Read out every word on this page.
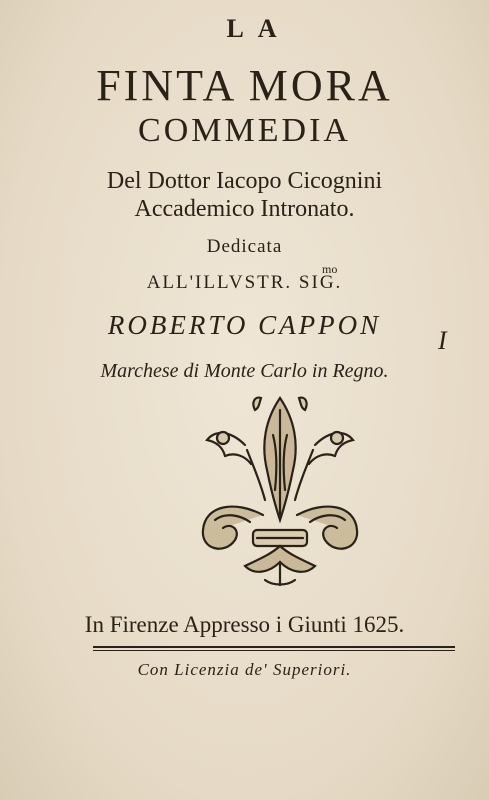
LA
FINTA MORA
COMMEDIA
Del Dottor Iacopo Cicognini
Accademico Intronato.
Dedicata
mo
ALL'ILLVSTR. SIG.
ROBERTO CAPPON
I
Marchese di Monte Carlo in Regno.
In Firenze Appresso i Giunti 1625.
Con Licenzia de' Superiori.
